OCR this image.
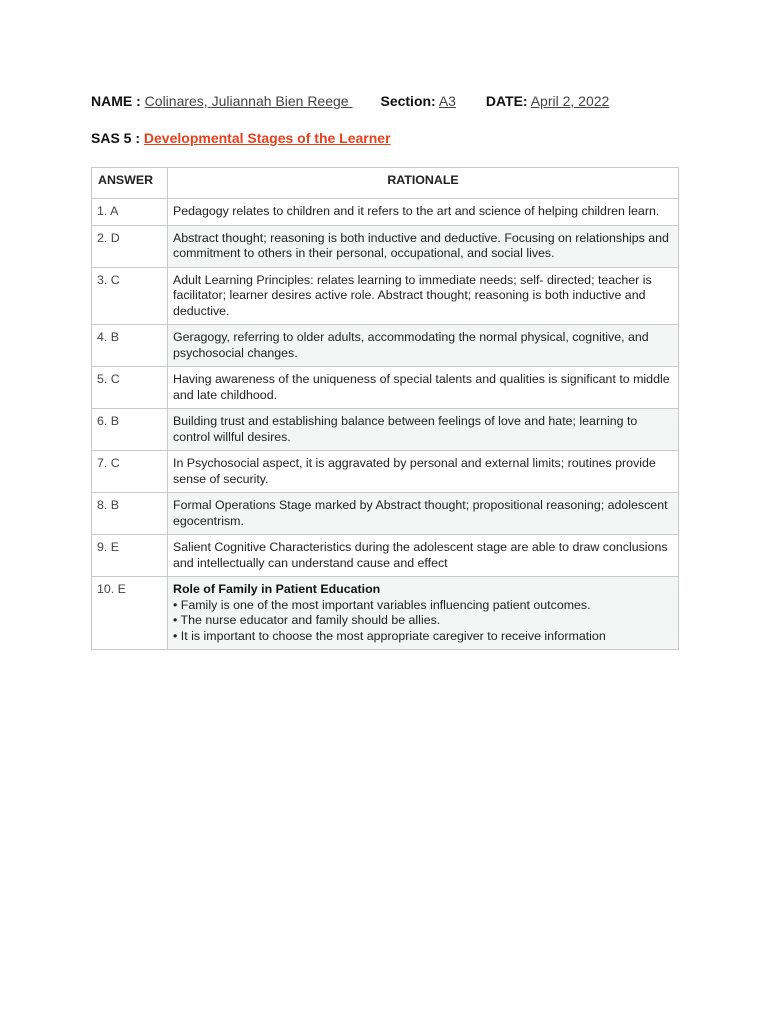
NAME : Colinares, Juliannah Bien Reege Section: A3 DATE: April 2, 2022
SAS 5 : Developmental Stages of the Learner
ANSWER	RATIONALE
1. A	Pedagogy relates to children and it refers to the art and science of helping children learn.
2. D	Abstract thought; reasoning is both inductive and deductive. Focusing on relationships and commitment to others in their personal, occupational, and social lives.
3. C	Adult Learning Principles: relates learning to immediate needs; self- directed; teacher is facilitator; learner desires active role. Abstract thought; reasoning is both inductive and deductive.
4. B	Geragogy, referring to older adults, accommodating the normal physical, cognitive, and psychosocial changes.
5. C	Having awareness of the uniqueness of special talents and qualities is significant to middle and late childhood.
6. B	Building trust and establishing balance between feelings of love and hate; learning to control willful desires.
7. C	In Psychosocial aspect, it is aggravated by personal and external limits; routines provide sense of security.
8. B	Formal Operations Stage marked by Abstract thought; propositional reasoning; adolescent egocentrism.
9. E	Salient Cognitive Characteristics during the adolescent stage are able to draw conclusions and intellectually can understand cause and effect
10. E	Role of Family in Patient Education
• Family is one of the most important variables influencing patient outcomes.
• The nurse educator and family should be allies.
• It is important to choose the most appropriate caregiver to receive information
